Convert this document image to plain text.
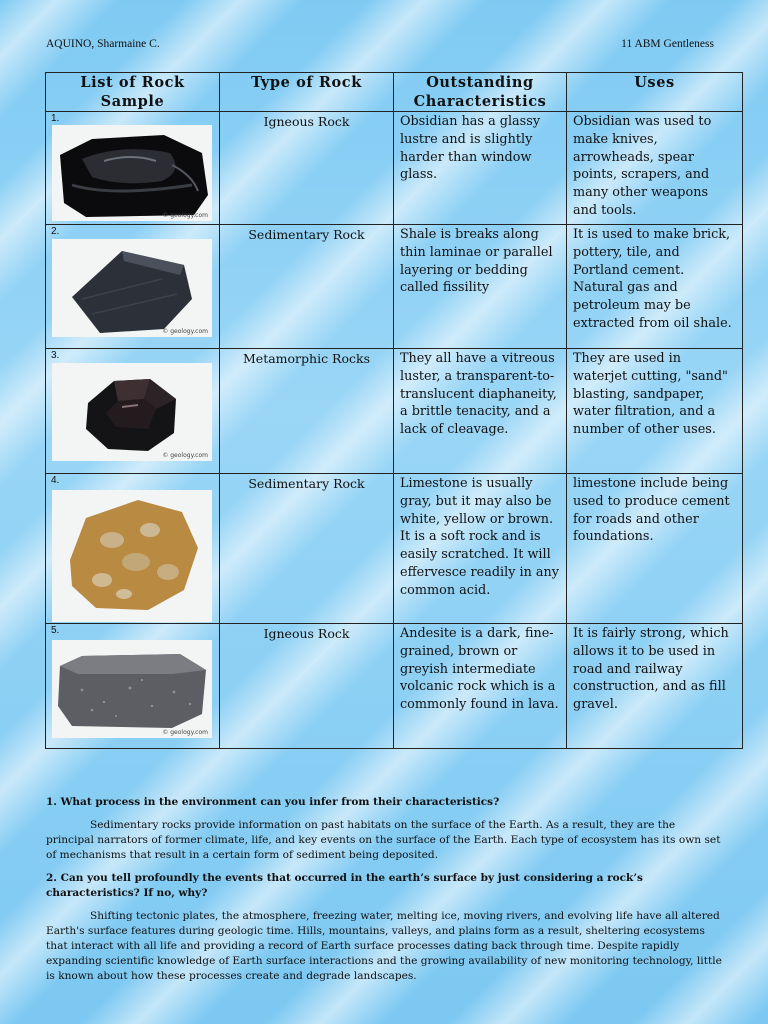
AQUINO, Sharmaine C.	11 ABM Gentleness
List of Rock Sample	Type of Rock	Outstanding Characteristics	Uses

1.
© geology.com	Igneous Rock	Obsidian has a glassy lustre and is slightly harder than window glass.	Obsidian was used to make knives, arrowheads, spear points, scrapers, and many other weapons and tools.

2.
© geology.com	Sedimentary Rock	Shale is breaks along thin laminae or parallel layering or bedding called fissility	It is used to make brick, pottery, tile, and Portland cement. Natural gas and petroleum may be extracted from oil shale.

3.
© geology.com	Metamorphic Rocks	They all have a vitreous luster, a transparent-to-translucent diaphaneity, a brittle tenacity, and a lack of cleavage.	They are used in waterjet cutting, "sand" blasting, sandpaper, water filtration, and a number of other uses.

4.	Sedimentary Rock	Limestone is usually gray, but it may also be white, yellow or brown. It is a soft rock and is easily scratched. It will effervesce readily in any common acid.	limestone include being used to produce cement for roads and other foundations.

5.
© geology.com	Igneous Rock	Andesite is a dark, fine-grained, brown or greyish intermediate volcanic rock which is a commonly found in lava.	It is fairly strong, which allows it to be used in road and railway construction, and as fill gravel.
1. What process in the environment can you infer from their characteristics?
Sedimentary rocks provide information on past habitats on the surface of the Earth. As a result, they are the principal narrators of former climate, life, and key events on the surface of the Earth. Each type of ecosystem has its own set of mechanisms that result in a certain form of sediment being deposited.
2. Can you tell profoundly the events that occurred in the earth’s surface by just considering a rock’s characteristics? If no, why?
Shifting tectonic plates, the atmosphere, freezing water, melting ice, moving rivers, and evolving life have all altered Earth's surface features during geologic time. Hills, mountains, valleys, and plains form as a result, sheltering ecosystems that interact with all life and providing a record of Earth surface processes dating back through time. Despite rapidly expanding scientific knowledge of Earth surface interactions and the growing availability of new monitoring technology, little is known about how these processes create and degrade landscapes.
